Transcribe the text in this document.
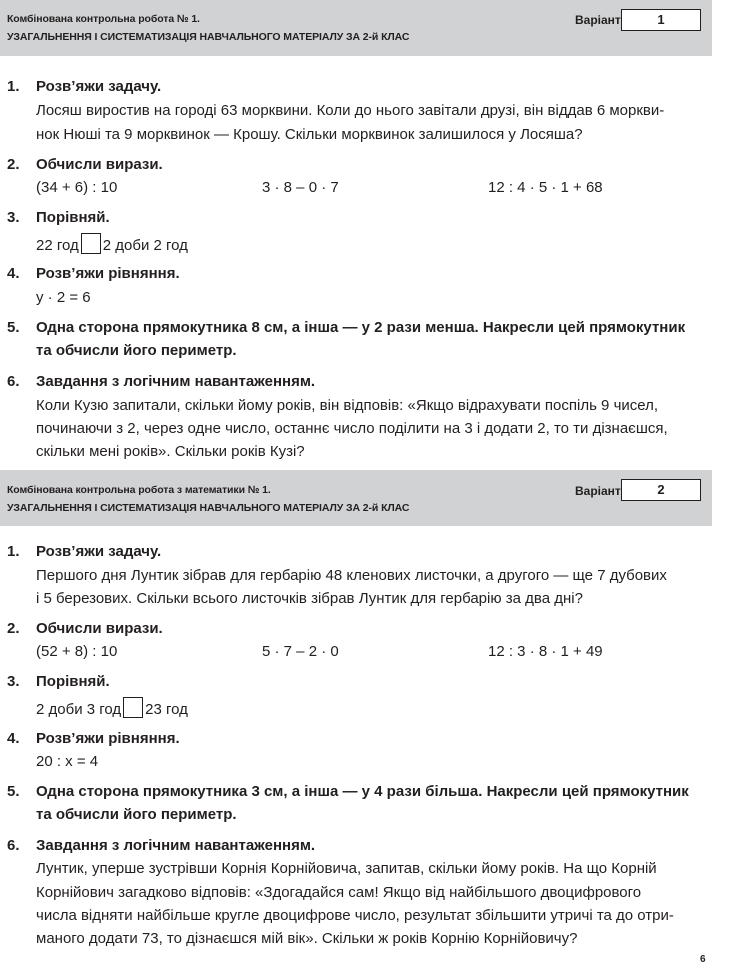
Комбінована контрольна робота № 1.
УЗАГАЛЬНЕННЯ І СИСТЕМАТИЗАЦІЯ НАВЧАЛЬНОГО МАТЕРІАЛУ ЗА 2-й КЛАС
Варіант	1
1. Розв’яжи задачу.
Лосяш виростив на городі 63 морквини. Коли до нього завітали друзі, він віддав 6 моркви-
нок Нюші та 9 морквинок — Крошу. Скільки морквинок залишилося у Лосяша?
2. Обчисли вирази.
(34 + 6) : 10	3 · 8 – 0 · 7	12 : 4 · 5 · 1 + 68
3. Порівняй.
22 год 2 доби 2 год
4. Розв’яжи рівняння.
y · 2 = 6
5. Одна сторона прямокутника 8 см, а інша — у 2 рази менша. Накресли цей прямокутник
та обчисли його периметр.
6. Завдання з логічним навантаженням.
Коли Кузю запитали, скільки йому років, він відповів: «Якщо відрахувати поспіль 9 чисел,
починаючи з 2, через одне число, останнє число поділити на 3 і додати 2, то ти дізнаєшся,
скільки мені років». Скільки років Кузі?
Комбінована контрольна робота з математики № 1.
УЗАГАЛЬНЕННЯ І СИСТЕМАТИЗАЦІЯ НАВЧАЛЬНОГО МАТЕРІАЛУ ЗА 2-й КЛАС
Варіант	2
1. Розв’яжи задачу.
Першого дня Лунтик зібрав для гербарію 48 кленових листочки, а другого — ще 7 дубових
і 5 березових. Скільки всього листочків зібрав Лунтик для гербарію за два дні?
2. Обчисли вирази.
(52 + 8) : 10	5 · 7 – 2 · 0	12 : 3 · 8 · 1 + 49
3. Порівняй.
2 доби 3 год 23 год
4. Розв’яжи рівняння.
20 : x = 4
5. Одна сторона прямокутника 3 см, а інша — у 4 рази більша. Накресли цей прямокутник
та обчисли його периметр.
6. Завдання з логічним навантаженням.
Лунтик, уперше зустрівши Корнія Корнійовича, запитав, скільки йому років. На що Корній
Корнійович загадково відповів: «Здогадайся сам! Якщо від найбільшого двоцифрового
числа відняти найбільше кругле двоцифрове число, результат збільшити утричі та до отри-
маного додати 73, то дізнаєшся мій вік». Скільки ж років Корнію Корнійовичу?
6
